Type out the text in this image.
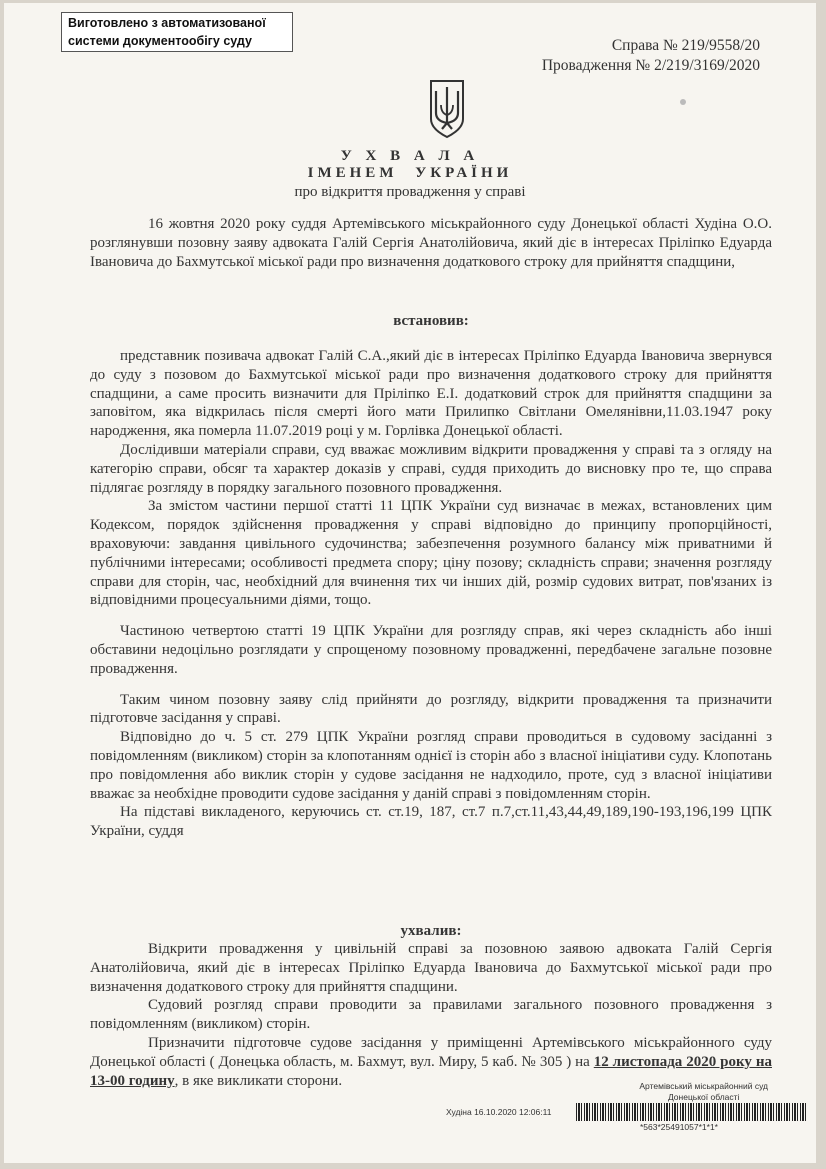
Виготовлено з автоматизованої
системи документообігу суду	Справа № 219/9558/20
Провадження № 2/219/3169/2020
У Х В А Л А
ІМЕНЕМ УКРАЇНИ
про відкриття провадження у справі

16 жовтня 2020 року суддя Артемівського міськрайонного суду Донецької області Худіна О.О. розглянувши позовну заяву адвоката Галій Сергія Анатолійовича, який діє в інтересах Прілiпко Едуарда Івановича до Бахмутської міської ради про визначення додаткового строку для прийняття спадщини,

встановив:

представник позивача адвокат Галій С.А.,який діє в інтересах Прілiпко Едуарда Івановича звернувся до суду з позовом до Бахмутської міської ради про визначення додаткового строку для прийняття спадщини, а саме просить визначити для Прілiпко Е.І. додатковий строк для прийняття спадщини за заповітом, яка відкрилась після смерті його мати Прилипко Світлани Омелянівни,11.03.1947 року народження, яка померла 11.07.2019 році у м. Горлівка Донецької області.

Дослідивши матеріали справи, суд вважає можливим відкрити провадження у справі та з огляду на категорію справи, обсяг та характер доказів у справі, суддя приходить до висновку про те, що справа підлягає розгляду в порядку загального позовного провадження.

За змістом частини першої статті 11 ЦПК України суд визначає в межах, встановлених цим Кодексом, порядок здійснення провадження у справі відповідно до принципу пропорційності, враховуючи: завдання цивільного судочинства; забезпечення розумного балансу між приватними й публічними інтересами; особливості предмета спору; ціну позову; складність справи; значення розгляду справи для сторін, час, необхідний для вчинення тих чи інших дій, розмір судових витрат, пов'язаних із відповідними процесуальними діями, тощо.

Частиною четвертою статті 19 ЦПК України для розгляду справ, які через складність або інші обставини недоцільно розглядати у спрощеному позовному провадженні, передбачене загальне позовне провадження.

Таким чином позовну заяву слід прийняти до розгляду, відкрити провадження та призначити підготовче засідання у справі.

Відповідно до ч. 5 ст. 279 ЦПК України розгляд справи проводиться в судовому засіданні з повідомленням (викликом) сторін за клопотанням однієї із сторін або з власної ініціативи суду. Клопотань про повідомлення або виклик сторін у судове засідання не надходило, проте, суд з власної ініціативи вважає за необхідне проводити судове засідання у даній справі з повідомленням сторін.

На підставі викладеного, керуючись ст. ст.19, 187, ст.7 п.7,ст.11,43,44,49,189,190-193,196,199 ЦПК України, суддя

ухвалив:

Відкрити провадження у цивільній справі за позовною заявою адвоката Галій Сергія Анатолійовича, який діє в інтересах Прілiпко Едуарда Івановича до Бахмутської міської ради про визначення додаткового строку для прийняття спадщини.

Судовий розгляд справи проводити за правилами загального позовного провадження з повідомленням (викликом) сторін.

Призначити підготовче судове засідання у приміщенні Артемівського міськрайонного суду Донецької області ( Донецька область, м. Бахмут, вул. Миру, 5 каб. № 305 ) на 12 листопада 2020 року на 13-00 годину, в яке викликати сторони.	Артемівський міськрайонний суд
Донецької області
Худіна 16.10.2020 12:06:11
*563*25491057*1*1*
